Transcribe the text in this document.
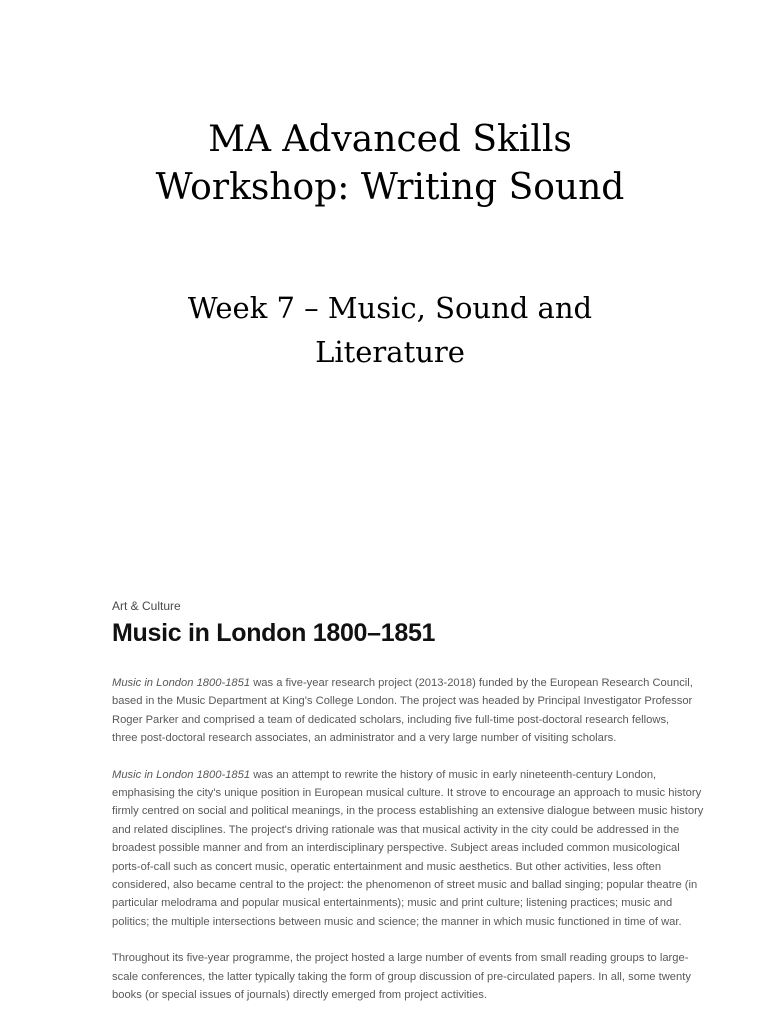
MA Advanced Skills
Workshop: Writing Sound
Week 7 – Music, Sound and
Literature
Art & Culture
Music in London 1800–1851
Music in London 1800-1851 was a five-year research project (2013-2018) funded by the European Research Council,
based in the Music Department at King's College London. The project was headed by Principal Investigator Professor
Roger Parker and comprised a team of dedicated scholars, including five full-time post-doctoral research fellows,
three post-doctoral research associates, an administrator and a very large number of visiting scholars.
Music in London 1800-1851 was an attempt to rewrite the history of music in early nineteenth-century London,
emphasising the city's unique position in European musical culture. It strove to encourage an approach to music history
firmly centred on social and political meanings, in the process establishing an extensive dialogue between music history
and related disciplines. The project's driving rationale was that musical activity in the city could be addressed in the
broadest possible manner and from an interdisciplinary perspective. Subject areas included common musicological
ports-of-call such as concert music, operatic entertainment and music aesthetics. But other activities, less often
considered, also became central to the project: the phenomenon of street music and ballad singing; popular theatre (in
particular melodrama and popular musical entertainments); music and print culture; listening practices; music and
politics; the multiple intersections between music and science; the manner in which music functioned in time of war.
Throughout its five-year programme, the project hosted a large number of events from small reading groups to large-
scale conferences, the latter typically taking the form of group discussion of pre-circulated papers. In all, some twenty
books (or special issues of journals) directly emerged from project activities.
